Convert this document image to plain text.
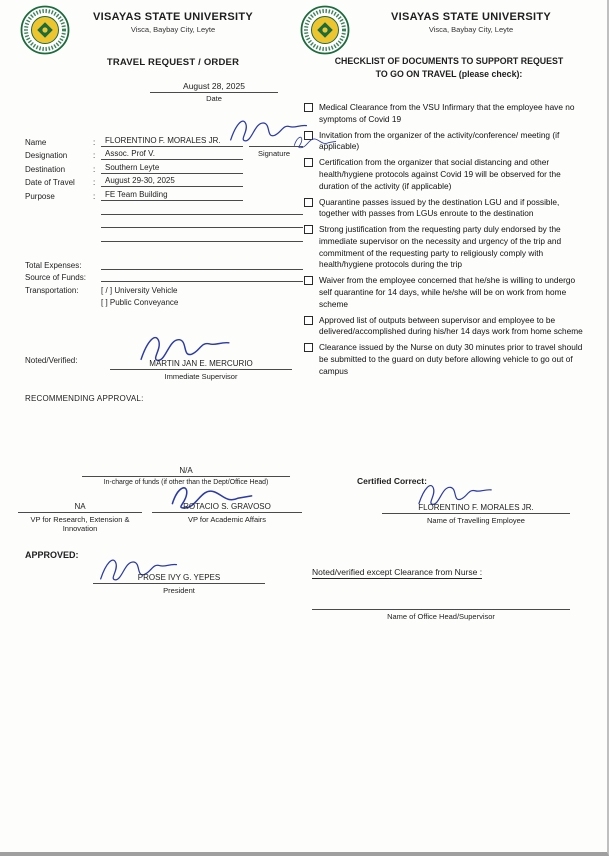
VISAYAS STATE UNIVERSITY
Visca, Baybay City, Leyte
TRAVEL REQUEST / ORDER
August 28, 2025
Date
Name	:	FLORENTINO F. MORALES JR.
Designation	:	Assoc. Prof V.
Destination	:	Southern Leyte
Date of Travel	:	August 29-30, 2025
Purpose	:	FE Team Building
Signature
Total Expenses:
Source of Funds:
Transportation:	[ / ] University Vehicle
[ ] Public Conveyance
Noted/Verified:	MARTIN JAN E. MERCURIO
Immediate Supervisor
RECOMMENDING APPROVAL:
N/A
In-charge of funds (if other than the Dept/Office Head)
NA
VP for Research, Extension &
Innovation
ROTACIO S. GRAVOSO
VP for Academic Affairs
APPROVED:
PROSE IVY G. YEPES
President
VISAYAS STATE UNIVERSITY
Visca, Baybay City, Leyte
CHECKLIST OF DOCUMENTS TO SUPPORT REQUEST
TO GO ON TRAVEL (please check):
Medical Clearance from the VSU Infirmary that the employee have no symptoms of Covid 19
Invitation from the organizer of the activity/conference/ meeting (if applicable)
Certification from the organizer that social distancing and other health/hygiene protocols against Covid 19 will be observed for the duration of the activity (if applicable)
Quarantine passes issued by the destination LGU and if possible, together with passes from LGUs enroute to the destination
Strong justification from the requesting party duly endorsed by the immediate supervisor on the necessity and urgency of the trip and commitment of the requesting party to religiously comply with health/hygiene protocols during the trip
Waiver from the employee concerned that he/she is willing to undergo self quarantine for 14 days, while he/she will be on work from home scheme
Approved list of outputs between supervisor and employee to be delivered/accomplished during his/her 14 days work from home scheme
Clearance issued by the Nurse on duty 30 minutes prior to travel should be submitted to the guard on duty before allowing vehicle to go out of campus
Certified Correct:
FLORENTINO F. MORALES JR.
Name of Travelling Employee
Noted/verified except Clearance from Nurse :
Name of Office Head/Supervisor
